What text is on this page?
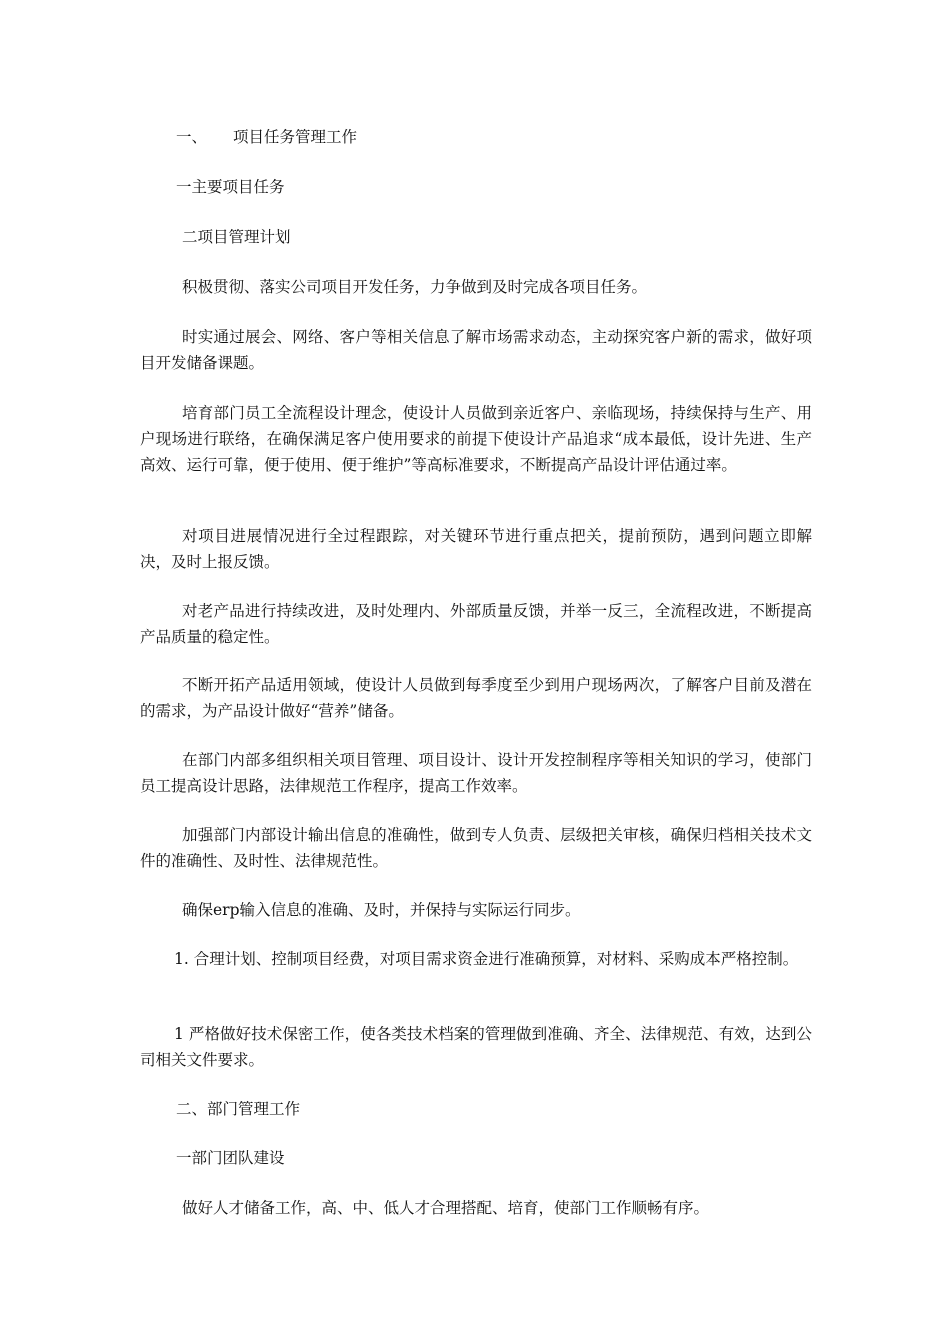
一、 项目任务管理工作
一主要项目任务
二项目管理计划

积极贯彻、落实公司项目开发任务，力争做到及时完成各项目任务。

时实通过展会、网络、客户等相关信息了解市场需求动态，主动探究客户新的需求，做好项目开发储备课题。

培育部门员工全流程设计理念，使设计人员做到亲近客户、亲临现场，持续保持与生产、用户现场进行联络，在确保满足客户使用要求的前提下使设计产品追求“成本最低，设计先进、生产高效、运行可靠，便于使用、便于维护”等高标准要求，不断提高产品设计评估通过率。

对项目进展情况进行全过程跟踪，对关键环节进行重点把关，提前预防，遇到问题立即解决，及时上报反馈。

对老产品进行持续改进，及时处理内、外部质量反馈，并举一反三，全流程改进，不断提高产品质量的稳定性。

不断开拓产品适用领域，使设计人员做到每季度至少到用户现场两次，了解客户目前及潜在的需求，为产品设计做好“营养”储备。

在部门内部多组织相关项目管理、项目设计、设计开发控制程序等相关知识的学习，使部门员工提高设计思路，法律规范工作程序，提高工作效率。

加强部门内部设计输出信息的准确性，做到专人负责、层级把关审核，确保归档相关技术文件的准确性、及时性、法律规范性。

确保erp输入信息的准确、及时，并保持与实际运行同步。

1. 合理计划、控制项目经费，对项目需求资金进行准确预算，对材料、采购成本严格控制。

1 严格做好技术保密工作，使各类技术档案的管理做到准确、齐全、法律规范、有效，达到公司相关文件要求。

二、部门管理工作
一部门团队建设

做好人才储备工作，高、中、低人才合理搭配、培育，使部门工作顺畅有序。
